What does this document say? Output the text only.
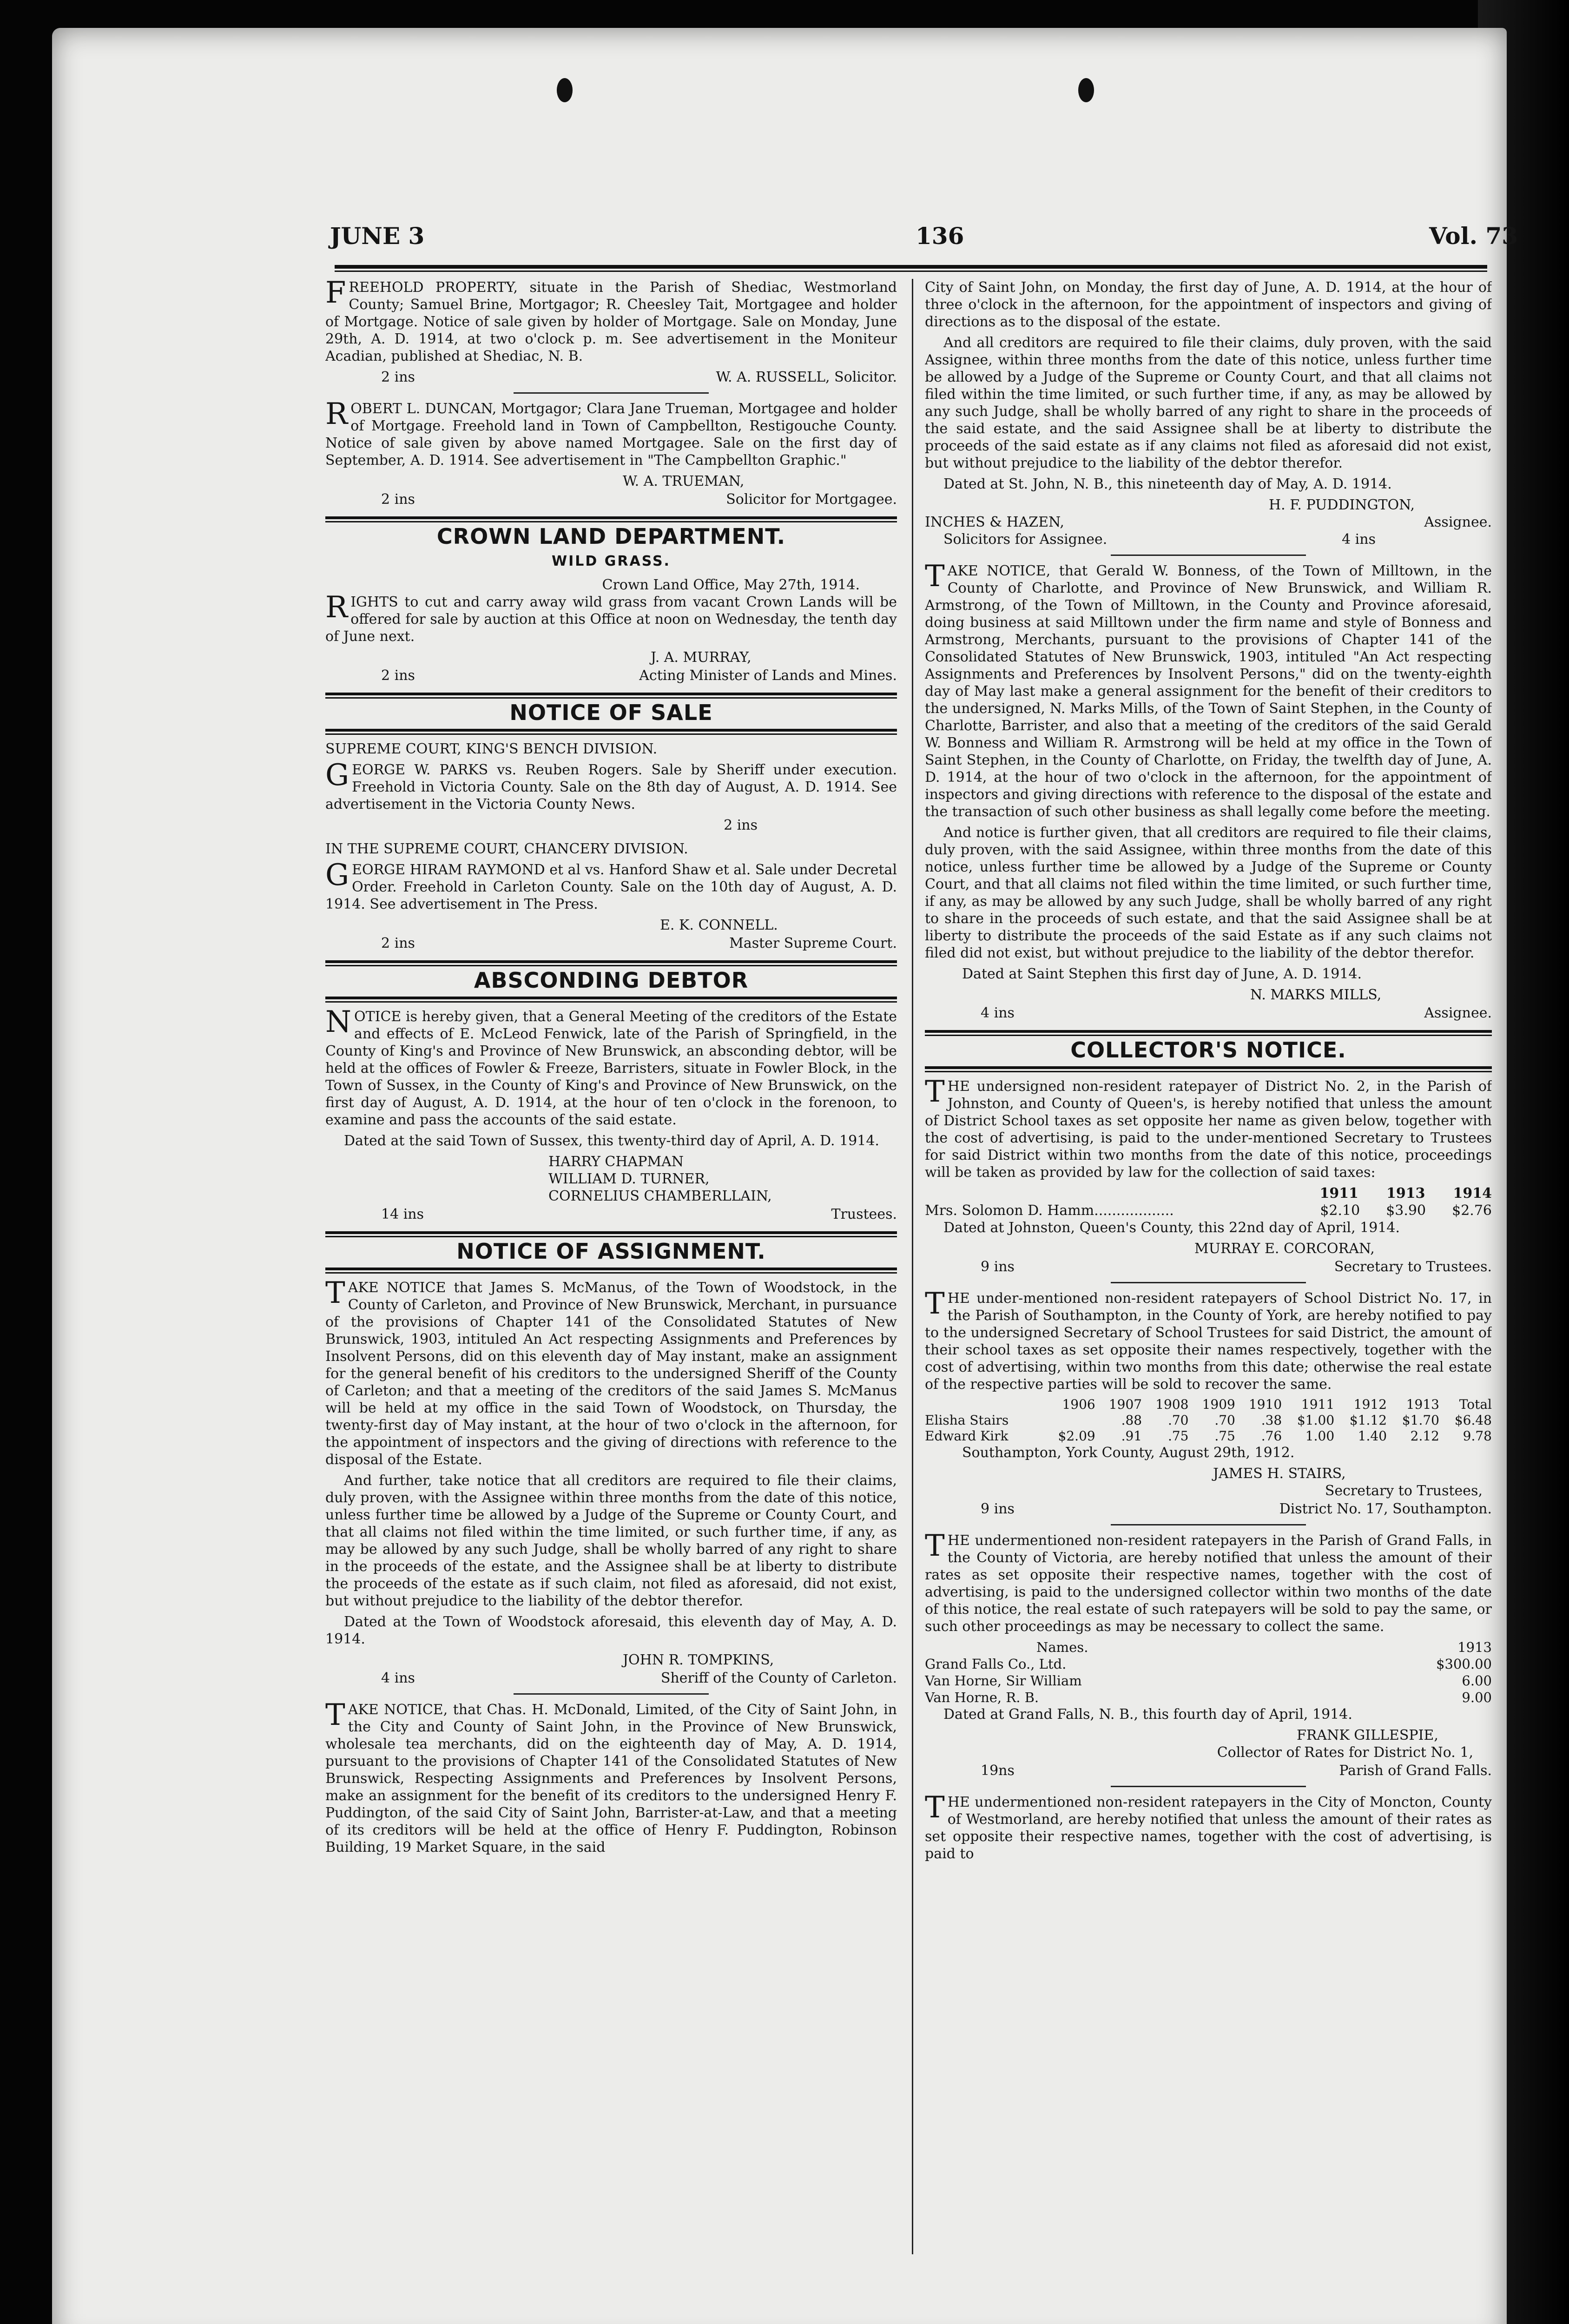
JUNE 3	136	Vol. 73

FREEHOLD PROPERTY, situate in the Parish of Shediac, Westmorland County; Samuel Brine, Mortgagor; R. Cheesley Tait, Mortgagee and holder of Mortgage. Notice of sale given by holder of Mortgage. Sale on Monday, June 29th, A. D. 1914, at two o'clock p. m. See advertisement in the Moniteur Acadian, published at Shediac, N. B.

2 ins	W. A. RUSSELL, Solicitor.

ROBERT L. DUNCAN, Mortgagor; Clara Jane Trueman, Mortgagee and holder of Mortgage. Freehold land in Town of Campbellton, Restigouche County. Notice of sale given by above named Mortgagee. Sale on the first day of September, A. D. 1914. See advertisement in "The Campbellton Graphic."

W. A. TRUEMAN,

2 ins	Solicitor for Mortgagee.
CROWN LAND DEPARTMENT.
WILD GRASS.

Crown Land Office, May 27th, 1914.

RIGHTS to cut and carry away wild grass from vacant Crown Lands will be offered for sale by auction at this Office at noon on Wednesday, the tenth day of June next.

J. A. MURRAY,

2 ins	Acting Minister of Lands and Mines.
NOTICE OF SALE

SUPREME COURT, KING'S BENCH DIVISION.

GEORGE W. PARKS vs. Reuben Rogers. Sale by Sheriff under execution. Freehold in Victoria County. Sale on the 8th day of August, A. D. 1914. See advertisement in the Victoria County News.

2 ins

IN THE SUPREME COURT, CHANCERY DIVISION.

GEORGE HIRAM RAYMOND et al vs. Hanford Shaw et al. Sale under Decretal Order. Freehold in Carleton County. Sale on the 10th day of August, A. D. 1914. See advertisement in The Press.

E. K. CONNELL.

2 ins	Master Supreme Court.
ABSCONDING DEBTOR

NOTICE is hereby given, that a General Meeting of the creditors of the Estate and effects of E. McLeod Fenwick, late of the Parish of Springfield, in the County of King's and Province of New Brunswick, an absconding debtor, will be held at the offices of Fowler & Freeze, Barristers, situate in Fowler Block, in the Town of Sussex, in the County of King's and Province of New Brunswick, on the first day of August, A. D. 1914, at the hour of ten o'clock in the forenoon, to examine and pass the accounts of the said estate.

Dated at the said Town of Sussex, this twenty-third day of April, A. D. 1914.

HARRY CHAPMAN

WILLIAM D. TURNER,

CORNELIUS CHAMBERLLAIN,

14 ins	Trustees.
NOTICE OF ASSIGNMENT.

TAKE NOTICE that James S. McManus, of the Town of Woodstock, in the County of Carleton, and Province of New Brunswick, Merchant, in pursuance of the provisions of Chapter 141 of the Consolidated Statutes of New Brunswick, 1903, intituled An Act respecting Assignments and Preferences by Insolvent Persons, did on this eleventh day of May instant, make an assignment for the general benefit of his creditors to the undersigned Sheriff of the County of Carleton; and that a meeting of the creditors of the said James S. McManus will be held at my office in the said Town of Woodstock, on Thursday, the twenty-first day of May instant, at the hour of two o'clock in the afternoon, for the appointment of inspectors and the giving of directions with reference to the disposal of the Estate.

And further, take notice that all creditors are required to file their claims, duly proven, with the Assignee within three months from the date of this notice, unless further time be allowed by a Judge of the Supreme or County Court, and that all claims not filed within the time limited, or such further time, if any, as may be allowed by any such Judge, shall be wholly barred of any right to share in the proceeds of the estate, and the Assignee shall be at liberty to distribute the proceeds of the estate as if such claim, not filed as aforesaid, did not exist, but without prejudice to the liability of the debtor therefor.

Dated at the Town of Woodstock aforesaid, this eleventh day of May, A. D. 1914.

JOHN R. TOMPKINS,

4 ins	Sheriff of the County of Carleton.

TAKE NOTICE, that Chas. H. McDonald, Limited, of the City of Saint John, in the City and County of Saint John, in the Province of New Brunswick, wholesale tea merchants, did on the eighteenth day of May, A. D. 1914, pursuant to the provisions of Chapter 141 of the Consolidated Statutes of New Brunswick, Respecting Assignments and Preferences by Insolvent Persons, make an assignment for the benefit of its creditors to the undersigned Henry F. Puddington, of the said City of Saint John, Barrister-at-Law, and that a meeting of its creditors will be held at the office of Henry F. Puddington, Robinson Building, 19 Market Square, in the said

City of Saint John, on Monday, the first day of June, A. D. 1914, at the hour of three o'clock in the afternoon, for the appointment of inspectors and giving of directions as to the disposal of the estate.

And all creditors are required to file their claims, duly proven, with the said Assignee, within three months from the date of this notice, unless further time be allowed by a Judge of the Supreme or County Court, and that all claims not filed within the time limited, or such further time, if any, as may be allowed by any such Judge, shall be wholly barred of any right to share in the proceeds of the said estate, and the said Assignee shall be at liberty to distribute the proceeds of the said estate as if any claims not filed as aforesaid did not exist, but without prejudice to the liability of the debtor therefor.

Dated at St. John, N. B., this nineteenth day of May, A. D. 1914.

H. F. PUDDINGTON,

INCHES & HAZEN,	Assignee.
Solicitors for Assignee.	4 ins

TAKE NOTICE, that Gerald W. Bonness, of the Town of Milltown, in the County of Charlotte, and Province of New Brunswick, and William R. Armstrong, of the Town of Milltown, in the County and Province aforesaid, doing business at said Milltown under the firm name and style of Bonness and Armstrong, Merchants, pursuant to the provisions of Chapter 141 of the Consolidated Statutes of New Brunswick, 1903, intituled "An Act respecting Assignments and Preferences by Insolvent Persons," did on the twenty-eighth day of May last make a general assignment for the benefit of their creditors to the undersigned, N. Marks Mills, of the Town of Saint Stephen, in the County of Charlotte, Barrister, and also that a meeting of the creditors of the said Gerald W. Bonness and William R. Armstrong will be held at my office in the Town of Saint Stephen, in the County of Charlotte, on Friday, the twelfth day of June, A. D. 1914, at the hour of two o'clock in the afternoon, for the appointment of inspectors and giving directions with reference to the disposal of the estate and the transaction of such other business as shall legally come before the meeting.

And notice is further given, that all creditors are required to file their claims, duly proven, with the said Assignee, within three months from the date of this notice, unless further time be allowed by a Judge of the Supreme or County Court, and that all claims not filed within the time limited, or such further time, if any, as may be allowed by any such Judge, shall be wholly barred of any right to share in the proceeds of such estate, and that the said Assignee shall be at liberty to distribute the proceeds of the said Estate as if any such claims not filed did not exist, but without prejudice to the liability of the debtor therefor.

Dated at Saint Stephen this first day of June, A. D. 1914.

N. MARKS MILLS,

4 ins	Assignee.
COLLECTOR'S NOTICE.

THE undersigned non-resident ratepayer of District No. 2, in the Parish of Johnston, and County of Queen's, is hereby notified that unless the amount of District School taxes as set opposite her name as given below, together with the cost of advertising, is paid to the under-mentioned Secretary to Trustees for said District within two months from the date of this notice, proceedings will be taken as provided by law for the collection of said taxes:

1911 1913 1914
Mrs. Solomon D. Hamm..................	$2.10 $3.90 $2.76

Dated at Johnston, Queen's County, this 22nd day of April, 1914.

MURRAY E. CORCORAN,

9 ins	Secretary to Trustees.

THE under-mentioned non-resident ratepayers of School District No. 17, in the Parish of Southampton, in the County of York, are hereby notified to pay to the undersigned Secretary of School Trustees for said District, the amount of their school taxes as set opposite their names respectively, together with the cost of advertising, within two months from this date; otherwise the real estate of the respective parties will be sold to recover the same.

	1906	1907	1908	1909	1910	1911	1912	1913	Total
Elisha Stairs		.88	.70	.70	.38	$1.00	$1.12	$1.70	$6.48
Edward Kirk	$2.09	.91	.75	.75	.76	1.00	1.40	2.12	9.78

Southampton, York County, August 29th, 1912.

JAMES H. STAIRS,

Secretary to Trustees,

9 ins	District No. 17, Southampton.

THE undermentioned non-resident ratepayers in the Parish of Grand Falls, in the County of Victoria, are hereby notified that unless the amount of their rates as set opposite their respective names, together with the cost of advertising, is paid to the undersigned collector within two months of the date of this notice, the real estate of such ratepayers will be sold to pay the same, or such other proceedings as may be necessary to collect the same.

Names.	1913
Grand Falls Co., Ltd.	$300.00
Van Horne, Sir William	6.00
Van Horne, R. B.	9.00

Dated at Grand Falls, N. B., this fourth day of April, 1914.

FRANK GILLESPIE,

Collector of Rates for District No. 1,

19ns	Parish of Grand Falls.

THE undermentioned non-resident ratepayers in the City of Moncton, County of Westmorland, are hereby notified that unless the amount of their rates as set opposite their respective names, together with the cost of advertising, is paid to
